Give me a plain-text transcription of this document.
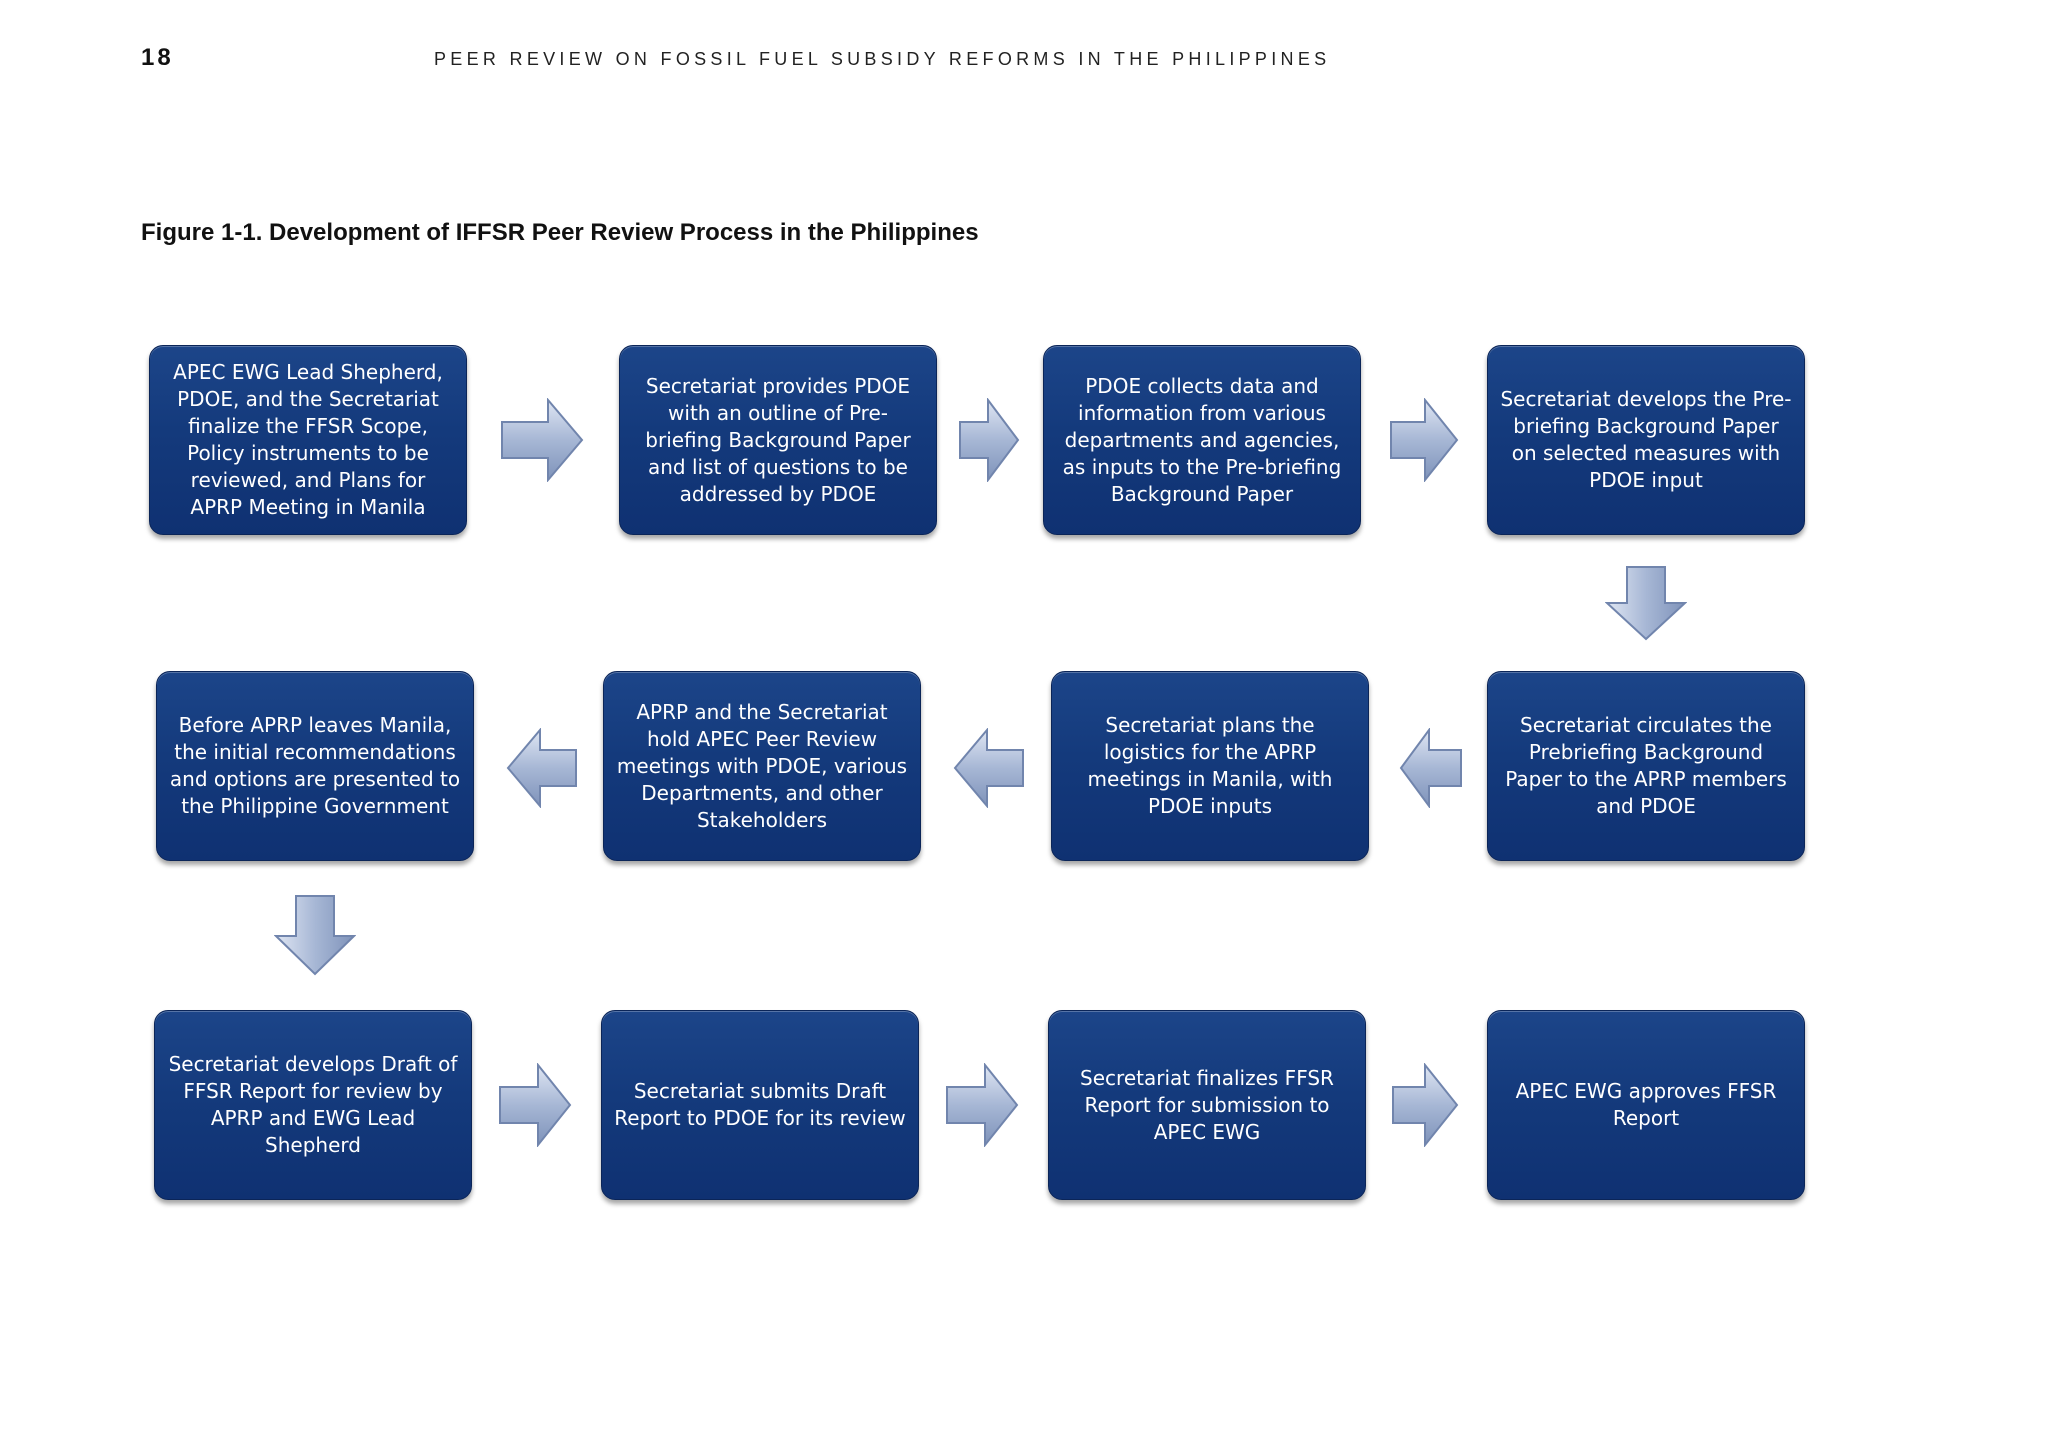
18	PEER REVIEW ON FOSSIL FUEL SUBSIDY REFORMS IN THE PHILIPPINES
Figure 1-1. Development of IFFSR Peer Review Process in the Philippines
APEC EWG Lead Shepherd, PDOE, and the Secretariat finalize the FFSR Scope, Policy instruments to be reviewed, and Plans for APRP Meeting in Manila
Secretariat provides PDOE with an outline of Pre-briefing Background Paper and list of questions to be addressed by PDOE
PDOE collects data and information from various departments and agencies, as inputs to the Pre-briefing Background Paper
Secretariat develops the Pre-briefing Background Paper on selected measures with PDOE input
Secretariat circulates the Prebriefing Background Paper to the APRP members and PDOE
Secretariat plans the logistics for the APRP meetings in Manila, with PDOE inputs
APRP and the Secretariat hold APEC Peer Review meetings with PDOE, various Departments, and other Stakeholders
Before APRP leaves Manila, the initial recommendations and options are presented to the Philippine Government
Secretariat develops Draft of FFSR Report for review by APRP and EWG Lead Shepherd
Secretariat submits Draft Report to PDOE for its review
Secretariat finalizes FFSR Report for submission to APEC EWG
APEC EWG approves FFSR Report
